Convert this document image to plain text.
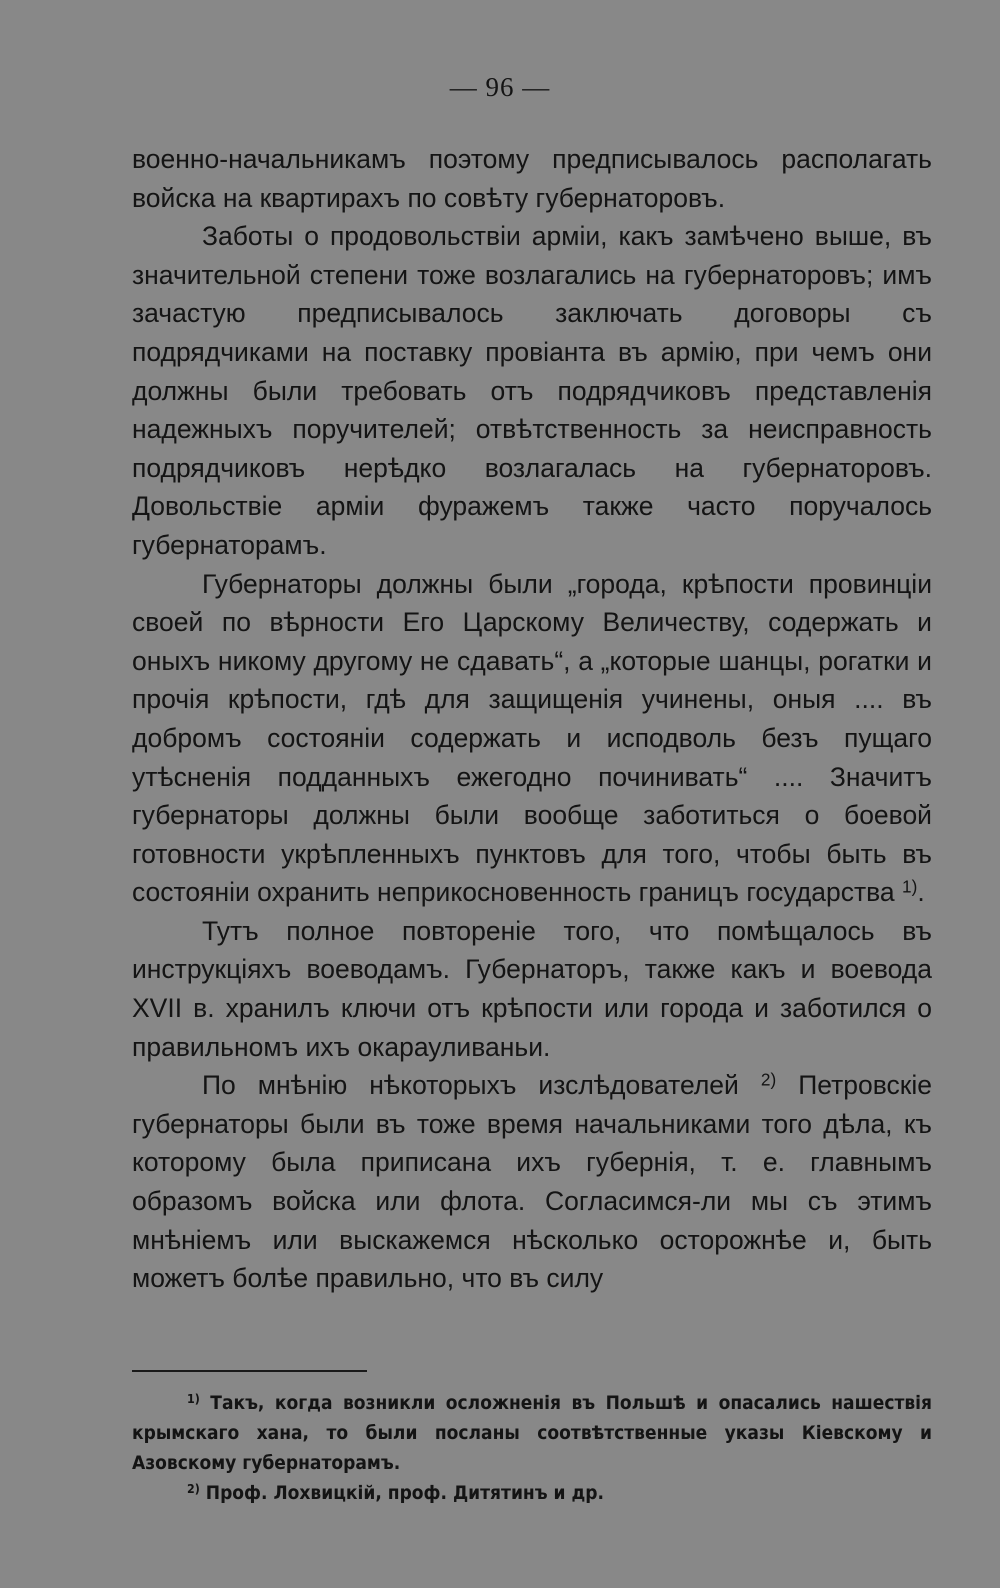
— 96 —

военно-начальникамъ поэтому предписывалось располагать войска на квартирахъ по совѣту губернаторовъ.

Заботы о продовольствіи арміи, какъ замѣчено выше, въ значительной степени тоже возлагались на губернаторовъ; имъ зачастую предписывалось заключать договоры съ подрядчиками на поставку провіанта въ армію, при чемъ они должны были требовать отъ подрядчиковъ представленія надежныхъ поручителей; отвѣтственность за неисправность подрядчиковъ нерѣдко возлагалась на губернаторовъ. Довольствіе арміи фуражемъ также часто поручалось губернаторамъ.

Губернаторы должны были „города, крѣпости провинціи своей по вѣрности Его Царскому Величеству, содержать и оныхъ никому другому не сдавать“, а „которые шанцы, рогатки и прочія крѣпости, гдѣ для защищенія учинены, оныя .... въ добромъ состояніи содержать и исподволь безъ пущаго утѣсненія подданныхъ ежегодно починивать“ .... Значитъ губернаторы должны были вообще заботиться о боевой готовности укрѣпленныхъ пунктовъ для того, чтобы быть въ состояніи охранить неприкосновенность границъ государства $^{1)}$.

Тутъ полное повтореніе того, что помѣщалось въ инструкціяхъ воеводамъ. Губернаторъ, также какъ и воевода XVII в. хранилъ ключи отъ крѣпости или города и заботился о правильномъ ихъ окарауливаньи.

По мнѣнію нѣкоторыхъ изслѣдователей $^{2)}$ Петровскіе губернаторы были въ тоже время начальниками того дѣла, къ которому была приписана ихъ губернія, т. е. главнымъ образомъ войска или флота. Согласимся-ли мы съ этимъ мнѣніемъ или выскажемся нѣсколько осторожнѣе и, быть можетъ болѣе правильно, что въ силу

$^{1)}$ Такъ, когда возникли осложненія въ Польшѣ и опасались нашествія крымскаго хана, то были посланы соотвѣтственные указы Кіевскому и Азовскому губернаторамъ.

$^{2)}$ Проф. Лохвицкій, проф. Дитятинъ и др.
